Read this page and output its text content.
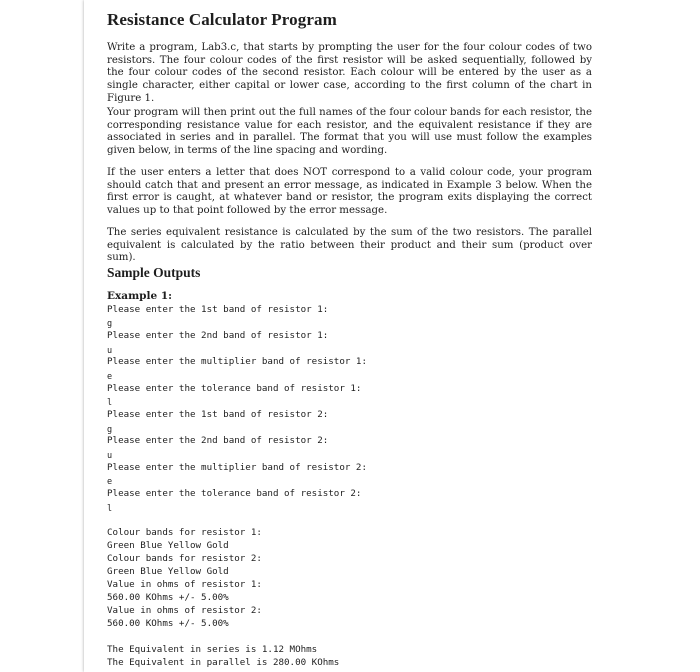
Resistance Calculator Program

Write a program, Lab3.c, that starts by prompting the user for the four colour codes of two resistors. The four colour codes of the first resistor will be asked sequentially, followed by the four colour codes of the second resistor. Each colour will be entered by the user as a single character, either capital or lower case, according to the first column of the chart in Figure 1.

Your program will then print out the full names of the four colour bands for each resistor, the corresponding resistance value for each resistor, and the equivalent resistance if they are associated in series and in parallel. The format that you will use must follow the examples given below, in terms of the line spacing and wording.

If the user enters a letter that does NOT correspond to a valid colour code, your program should catch that and present an error message, as indicated in Example 3 below. When the first error is caught, at whatever band or resistor, the program exits displaying the correct values up to that point followed by the error message.

The series equivalent resistance is calculated by the sum of the two resistors. The parallel equivalent is calculated by the ratio between their product and their sum (product over sum).

Sample Outputs
Example 1:
Please enter the 1st band of resistor 1:
g
Please enter the 2nd band of resistor 1:
u
Please enter the multiplier band of resistor 1:
e
Please enter the tolerance band of resistor 1:
l
Please enter the 1st band of resistor 2:
g
Please enter the 2nd band of resistor 2:
u
Please enter the multiplier band of resistor 2:
e
Please enter the tolerance band of resistor 2:
l
Colour bands for resistor 1:
Green Blue Yellow Gold
Colour bands for resistor 2:
Green Blue Yellow Gold
Value in ohms of resistor 1:
560.00 KOhms +/- 5.00%
Value in ohms of resistor 2:
560.00 KOhms +/- 5.00%
The Equivalent in series is 1.12 MOhms
The Equivalent in parallel is 280.00 KOhms
